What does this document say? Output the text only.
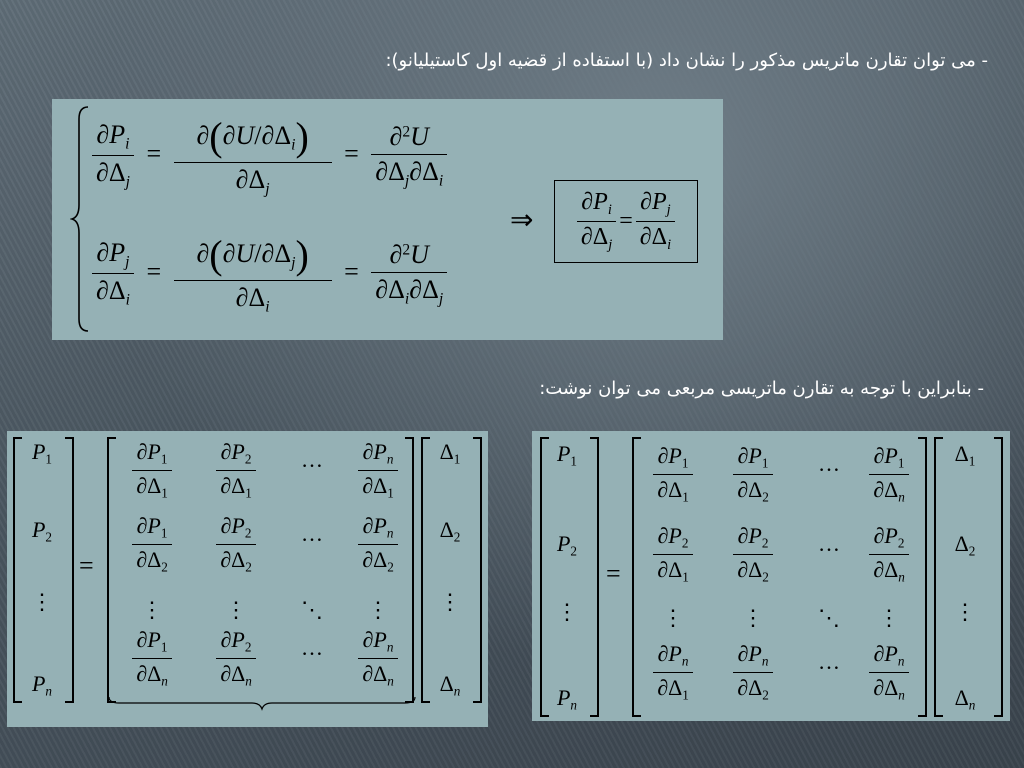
- می توان تقارن ماتریس مذکور را نشان داد (با استفاده از قضیه اول کاستیلیانو):
- بنابراین با توجه به تقارن ماتریسی مربعی می توان نوشت:
$\frac{\partial P_i}{\partial\Delta_j} = \frac{\partial(\partial U/\partial\Delta_i)}{\partial\Delta_j} = \frac{\partial^2U}{\partial\Delta_j\partial\Delta_i}$
$\frac{\partial P_j}{\partial\Delta_i} = \frac{\partial(\partial U/\partial\Delta_j)}{\partial\Delta_i} = \frac{\partial^2U}{\partial\Delta_i\partial\Delta_j}$
⇒ $\frac{\partial P_i}{\partial\Delta_j} = \frac{\partial P_j}{\partial\Delta_i}$
=
$\frac{\partial P_1}{\partial\Delta_1} \frac{\partial P_2}{\partial\Delta_1}$	…	$\frac{\partial P_n}{\partial\Delta_1}$
$\frac{\partial P_1}{\partial\Delta_2} \frac{\partial P_2}{\partial\Delta_2}$	…	$\frac{\partial P_n}{\partial\Delta_2}$
⋮	⋮	⋱	⋮
$\frac{\partial P_1}{\partial\Delta_n} \frac{\partial P_2}{\partial\Delta_n}$	…	$\frac{\partial P_n}{\partial\Delta_n}$
$P_1$
$P_2$
⋮
$P_n$
$\Delta_1$
$\Delta_2$
⋮
$\Delta_n$
=
$\frac{\partial P_1}{\partial\Delta_1} \frac{\partial P_1}{\partial\Delta_2}$	…	$\frac{\partial P_1}{\partial\Delta_n}$
$\frac{\partial P_2}{\partial\Delta_1} \frac{\partial P_2}{\partial\Delta_2}$	…	$\frac{\partial P_2}{\partial\Delta_n}$
⋮	⋮	⋱	⋮
$\frac{\partial P_n}{\partial\Delta_1} \frac{\partial P_n}{\partial\Delta_2}$	…	$\frac{\partial P_n}{\partial\Delta_n}$
$P_1$
$P_2$
⋮
$P_n$
$\Delta_1$
$\Delta_2$
⋮
$\Delta_n$
